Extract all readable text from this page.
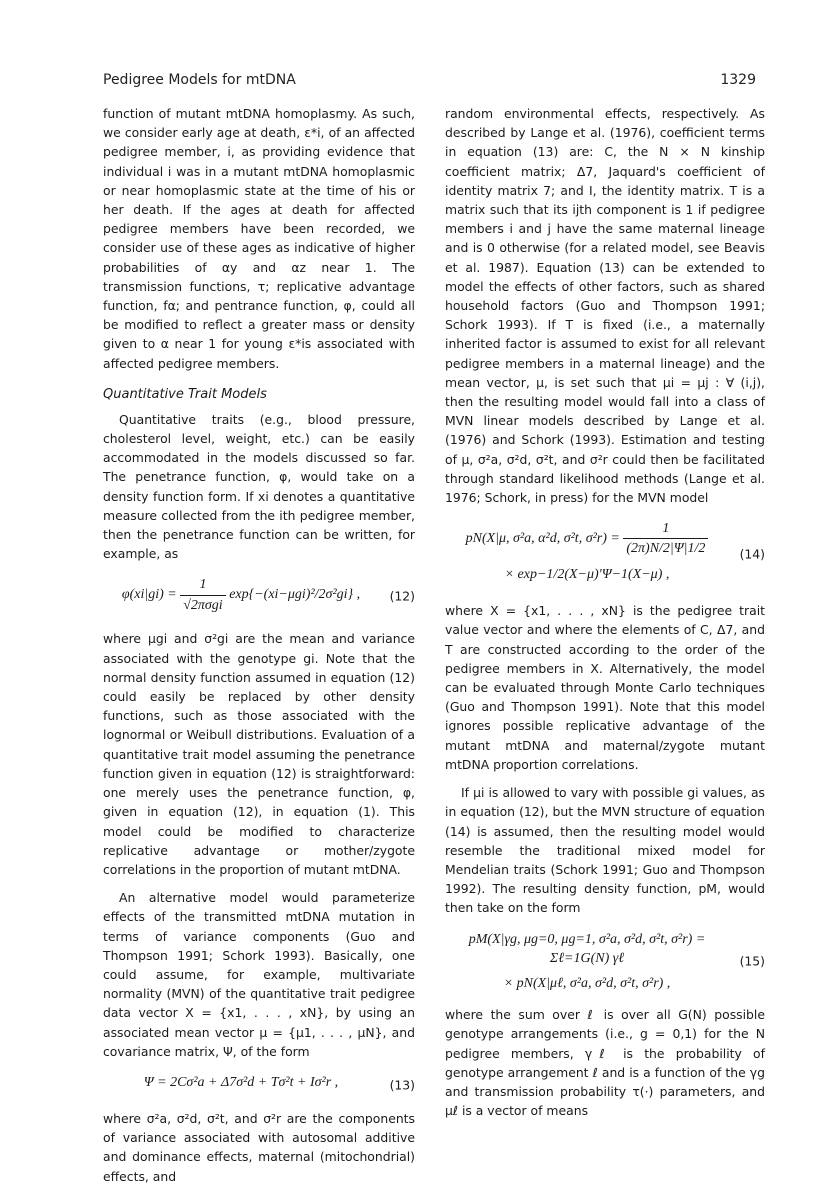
Pedigree Models for mtDNA	1329

function of mutant mtDNA homoplasmy. As such, we consider early age at death, ε*i, of an affected pedigree member, i, as providing evidence that individual i was in a mutant mtDNA homoplasmic or near homoplasmic state at the time of his or her death. If the ages at death for affected pedigree members have been recorded, we consider use of these ages as indicative of higher probabilities of αy and αz near 1. The transmission functions, τ; replicative advantage function, fα; and pentrance function, φ, could all be modified to reflect a greater mass or density given to α near 1 for young ε*is associated with affected pedigree members.

Quantitative Trait Models

Quantitative traits (e.g., blood pressure, cholesterol level, weight, etc.) can be easily accommodated in the models discussed so far. The penetrance function, φ, would take on a density function form. If xi denotes a quantitative measure collected from the ith pedigree member, then the penetrance function can be written, for example, as

$\varphi(xi|gi) = \frac{1}{\text{√2πσgi}} \exp\{-(xi-\mu gi)^2/2\sigma^2gi\}$ ,	(12)

where μgi and σ²gi are the mean and variance associated with the genotype gi. Note that the normal density function assumed in equation (12) could easily be replaced by other density functions, such as those associated with the lognormal or Weibull distributions. Evaluation of a quantitative trait model assuming the penetrance function given in equation (12) is straightforward: one merely uses the penetrance function, φ, given in equation (12), in equation (1). This model could be modified to characterize replicative advantage or mother/zygote correlations in the proportion of mutant mtDNA.

An alternative model would parameterize effects of the transmitted mtDNA mutation in terms of variance components (Guo and Thompson 1991; Schork 1993). Basically, one could assume, for example, multivariate normality (MVN) of the quantitative trait pedigree data vector X = {x1, . . . , xN}, by using an associated mean vector μ = {μ1, . . . , μN}, and covariance matrix, Ψ, of the form

Ψ = 2Cσ²a + Δ7σ²d + Tσ²t + Iσ²r ,	(13)

where σ²a, σ²d, σ²t, and σ²r are the components of variance associated with autosomal additive and dominance effects, maternal (mitochondrial) effects, and

random environmental effects, respectively. As described by Lange et al. (1976), coefficient terms in equation (13) are: C, the N × N kinship coefficient matrix; Δ7, Jaquard's coefficient of identity matrix 7; and I, the identity matrix. T is a matrix such that its ijth component is 1 if pedigree members i and j have the same maternal lineage and is 0 otherwise (for a related model, see Beavis et al. 1987). Equation (13) can be extended to model the effects of other factors, such as shared household factors (Guo and Thompson 1991; Schork 1993). If T is fixed (i.e., a maternally inherited factor is assumed to exist for all relevant pedigree members in a maternal lineage) and the mean vector, μ, is set such that μi = μj : ∀ (i,j), then the resulting model would fall into a class of MVN linear models described by Lange et al. (1976) and Schork (1993). Estimation and testing of μ, σ²a, σ²d, σ²t, and σ²r could then be facilitated through standard likelihood methods (Lange et al. 1976; Schork, in press) for the MVN model

pN(X|μ, σ²a, α²d, σ²t, $\sigma^2r) = \frac{1}{(2\pi)N/2|\Psi|1/2}$
× exp−1/2(X−μ)′Ψ−1(X−μ) ,
(14)

where X = {x1, . . . , xN} is the pedigree trait value vector and where the elements of C, Δ7, and T are constructed according to the order of the pedigree members in X. Alternatively, the model can be evaluated through Monte Carlo techniques (Guo and Thompson 1991). Note that this model ignores possible replicative advantage of the mutant mtDNA and maternal/zygote mutant mtDNA proportion correlations.

If μi is allowed to vary with possible gi values, as in equation (12), but the MVN structure of equation (14) is assumed, then the resulting model would resemble the traditional mixed model for Mendelian traits (Schork 1991; Guo and Thompson 1992). The resulting density function, pM, would then take on the form

pM(X|γg, μg=0, μg=1, σ²a, σ²d, σ²t, σ²r) = Σℓ=1G(N) γℓ
× pN(X|μℓ, σ²a, σ²d, σ²t, σ²r) ,
(15)

where the sum over ℓ is over all G(N) possible genotype arrangements (i.e., g = 0,1) for the N pedigree members, γℓ is the probability of genotype arrangement ℓ and is a function of the γg and transmission probability τ(·) parameters, and μℓ is a vector of means
